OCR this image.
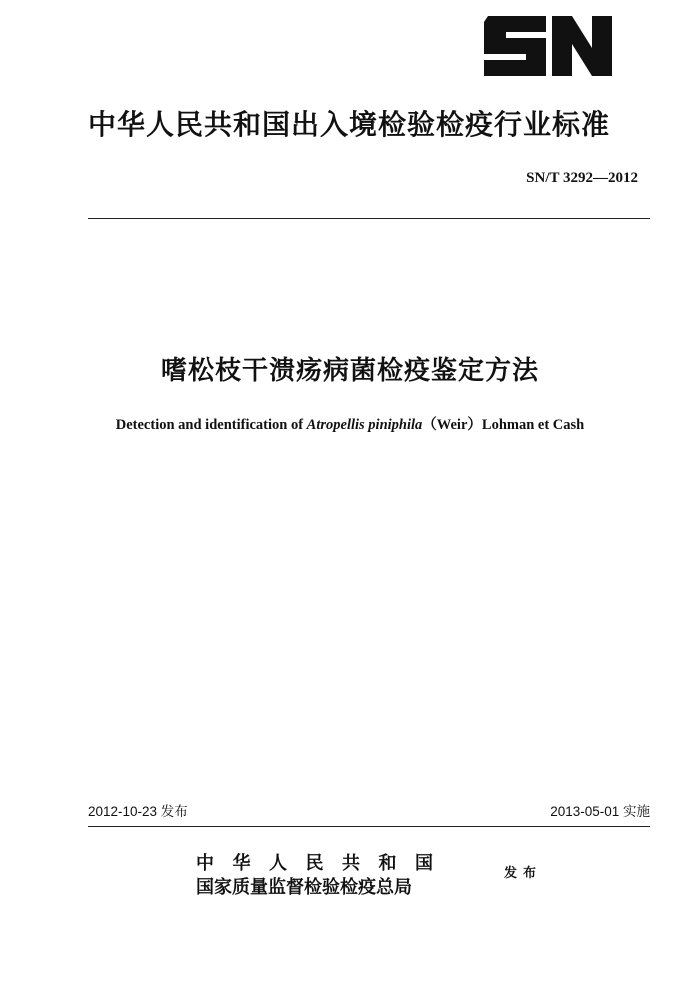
中华人民共和国出入境检验检疫行业标准
SN/T 3292—2012
嗜松枝干溃疡病菌检疫鉴定方法
Detection and identification of Atropellis piniphila（Weir）Lohman et Cash
2012-10-23 发布	2013-05-01 实施
中华人民共和国
国家质量监督检验检疫总局
发布
